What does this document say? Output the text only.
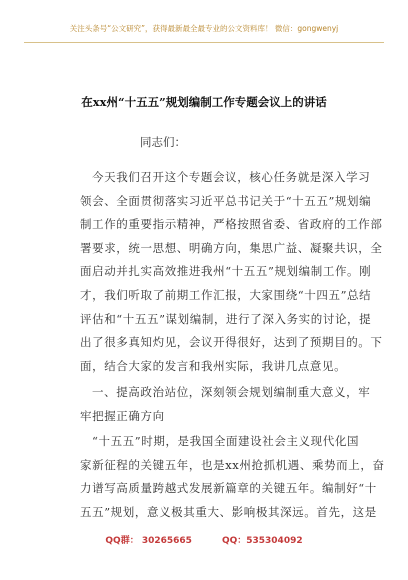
关注头条号“公文研究”，获得最新最全最专业的公文资料库！ 微信：gongwenyj
在xx州“十五五”规划编制工作专题会议上的讲话
同志们：
今天我们召开这个专题会议，核心任务就是深入学习
领会、全面贯彻落实习近平总书记关于“十五五”规划编
制工作的重要指示精神，严格按照省委、省政府的工作部
署要求，统一思想、明确方向，集思广益、凝聚共识，全
面启动并扎实高效推进我州“十五五”规划编制工作。刚
才，我们听取了前期工作汇报，大家围绕“十四五”总结
评估和“十五五”谋划编制，进行了深入务实的讨论，提
出了很多真知灼见，会议开得很好，达到了预期目的。下
面，结合大家的发言和我州实际，我讲几点意见。
一、提高政治站位，深刻领会规划编制重大意义，牢
牢把握正确方向
“十五五”时期，是我国全面建设社会主义现代化国
家新征程的关键五年，也是xx州抢抓机遇、乘势而上，奋
力谱写高质量跨越式发展新篇章的关键五年。编制好“十
五五”规划，意义极其重大、影响极其深远。首先，这是
QQ群： 30265665	QQ：535304092
